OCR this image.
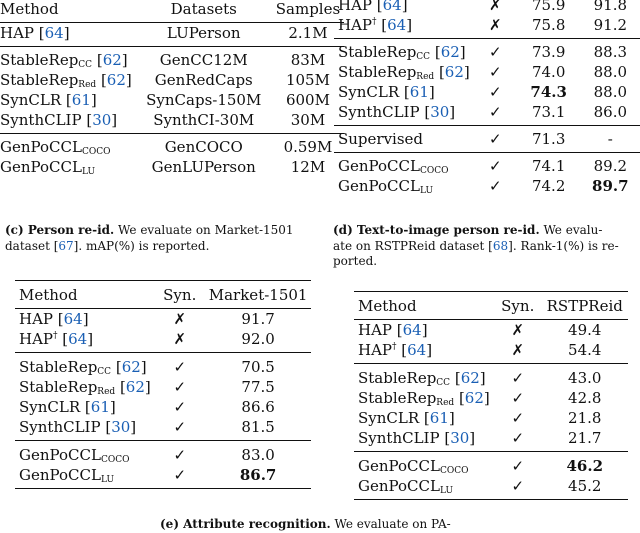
Method	Datasets	Samples
HAP [64]	LUPerson	2.1M
StableRep$_{CC}$ [62]	GenCC12M	83M
StableRep$_{Red}$ [62]	GenRedCaps	105M
SynCLR [61]	SynCaps-150M	600M
SynthCLIP [30]	SynthCI-30M	30M
GenPoCCL$_{COCO}$	GenCOCO	0.59M
GenPoCCL$_{LU}$	GenLUPerson	12M
HAP [64]	✗	75.9	91.8
HAP† [64]	✗	75.8	91.2
StableRep$_{CC}$ [62]	✓	73.9	88.3
StableRep$_{Red}$ [62]	✓	74.0	88.0
SynCLR [61]	✓	74.3	88.0
SynthCLIP [30]	✓	73.1	86.0
Supervised	✓	71.3	-
GenPoCCL$_{COCO}$	✓	74.1	89.2
GenPoCCL$_{LU}$	✓	74.2	89.7

(c) Person re-id. We evaluate on Market-1501
dataset [67]. mAP(%) is reported.

(d) Text-to-image person re-id. We evalu-
ate on RSTPReid dataset [68]. Rank-1(%) is re-
ported.

Method	Syn.	Market-1501
HAP [64]	✗	91.7
HAP† [64]	✗	92.0
StableRep$_{CC}$ [62]	✓	70.5
StableRep$_{Red}$ [62]	✓	77.5
SynCLR [61]	✓	86.6
SynthCLIP [30]	✓	81.5
GenPoCCL$_{COCO}$	✓	83.0
GenPoCCL$_{LU}$	✓	86.7
Method	Syn.	RSTPReid
HAP [64]	✗	49.4
HAP† [64]	✗	54.4
StableRep$_{CC}$ [62]	✓	43.0
StableRep$_{Red}$ [62]	✓	42.8
SynCLR [61]	✓	21.8
SynthCLIP [30]	✓	21.7
GenPoCCL$_{COCO}$	✓	46.2
GenPoCCL$_{LU}$	✓	45.2

(e) Attribute recognition. We evaluate on PA-
